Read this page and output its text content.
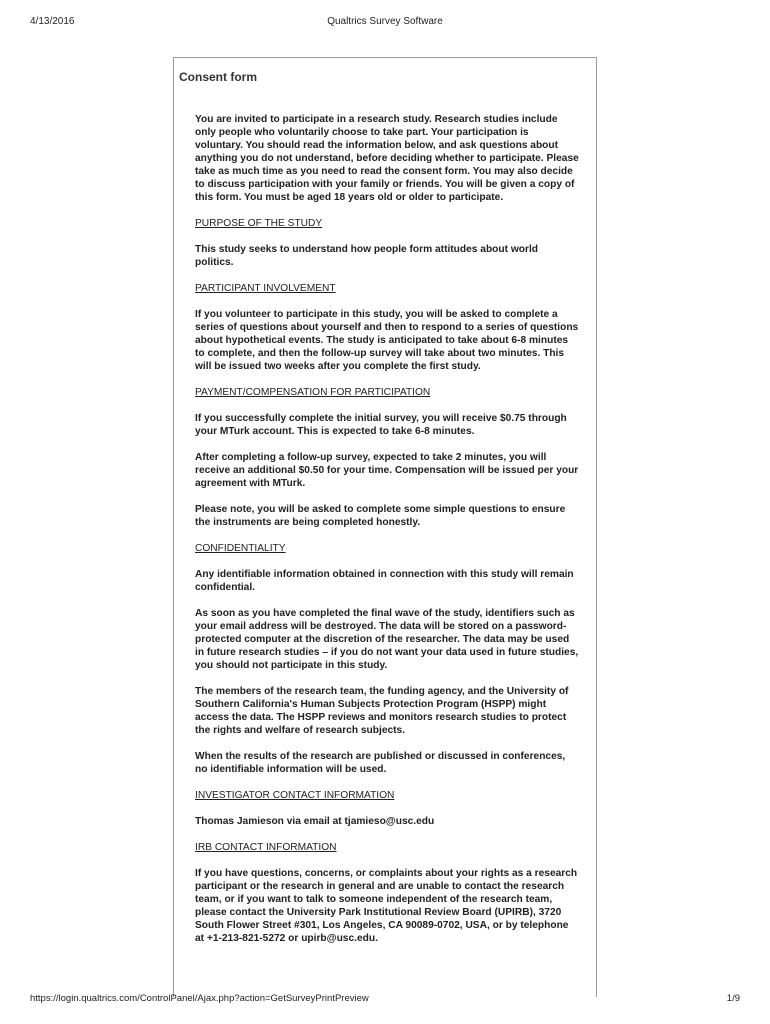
4/13/2016	Qualtrics Survey Software
Consent form

You are invited to participate in a research study. Research studies include only people who voluntarily choose to take part. Your participation is voluntary. You should read the information below, and ask questions about anything you do not understand, before deciding whether to participate. Please take as much time as you need to read the consent form. You may also decide to discuss participation with your family or friends. You will be given a copy of this form. You must be aged 18 years old or older to participate.

PURPOSE OF THE STUDY

This study seeks to understand how people form attitudes about world politics.

PARTICIPANT INVOLVEMENT

If you volunteer to participate in this study, you will be asked to complete a series of questions about yourself and then to respond to a series of questions about hypothetical events. The study is anticipated to take about 6-8 minutes to complete, and then the follow-up survey will take about two minutes. This will be issued two weeks after you complete the first study.

PAYMENT/COMPENSATION FOR PARTICIPATION

If you successfully complete the initial survey, you will receive $0.75 through your MTurk account. This is expected to take 6-8 minutes.

After completing a follow-up survey, expected to take 2 minutes, you will receive an additional $0.50 for your time. Compensation will be issued per your agreement with MTurk.

Please note, you will be asked to complete some simple questions to ensure the instruments are being completed honestly.

CONFIDENTIALITY

Any identifiable information obtained in connection with this study will remain confidential.

As soon as you have completed the final wave of the study, identifiers such as your email address will be destroyed. The data will be stored on a password-protected computer at the discretion of the researcher. The data may be used in future research studies – if you do not want your data used in future studies, you should not participate in this study.

The members of the research team, the funding agency, and the University of Southern California's Human Subjects Protection Program (HSPP) might access the data. The HSPP reviews and monitors research studies to protect the rights and welfare of research subjects.

When the results of the research are published or discussed in conferences, no identifiable information will be used.

INVESTIGATOR CONTACT INFORMATION

Thomas Jamieson via email at tjamieso@usc.edu

IRB CONTACT INFORMATION

If you have questions, concerns, or complaints about your rights as a research participant or the research in general and are unable to contact the research team, or if you want to talk to someone independent of the research team, please contact the University Park Institutional Review Board (UPIRB), 3720 South Flower Street #301, Los Angeles, CA 90089-0702, USA, or by telephone at +1-213-821-5272 or upirb@usc.edu.

https://login.qualtrics.com/ControlPanel/Ajax.php?action=GetSurveyPrintPreview	1/9
